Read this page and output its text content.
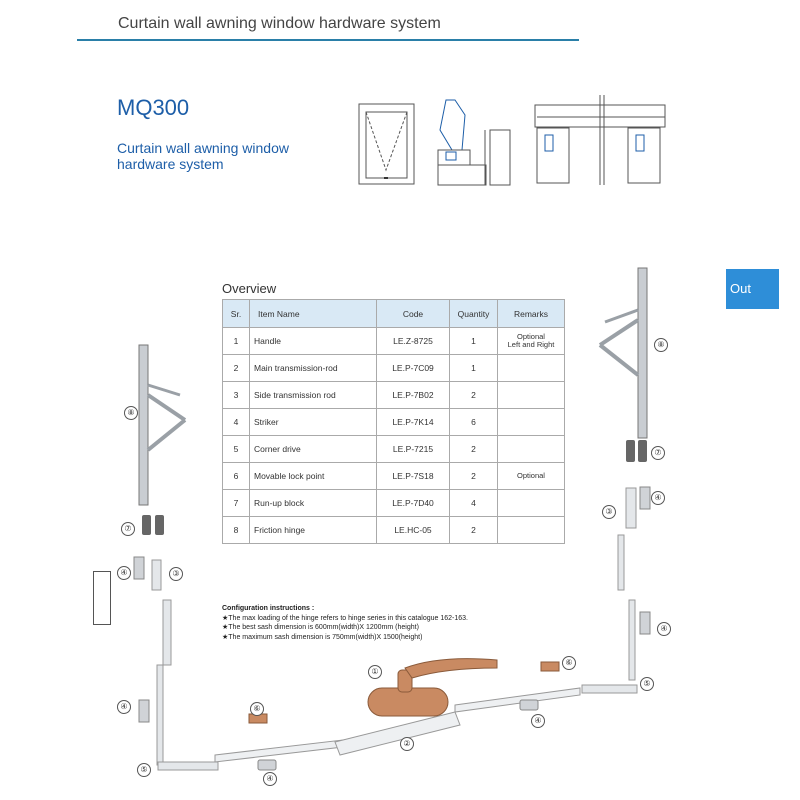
Curtain wall awning window hardware system
MQ300
Curtain wall awning window hardware system
Out
Overview
Sr.	Item Name	Code	Quantity	Remarks
1	Handle	LE.Z-8725	1	Optional
Left and Right
2	Main transmission-rod	LE.P-7C09	1	
3	Side transmission rod	LE.P-7B02	2	
4	Striker	LE.P-7K14	6	
5	Corner drive	LE.P-7215	2	
6	Movable lock point	LE.P-7S18	2	Optional
7	Run-up block	LE.P-7D40	4	
8	Friction hinge	LE.HC-05	2	
Configuration instructions :
★The max loading of the hinge refers to hinge series in this catalogue 162-163.
★The best sash dimension is 600mm(width)X 1200mm (height)
★The maximum sash dimension is 750mm(width)X 1500(height)
⑧
⑦
④	③
④
⑤
⑥
④
①
②
④
⑥
⑤
④
④
③
⑦
⑧
